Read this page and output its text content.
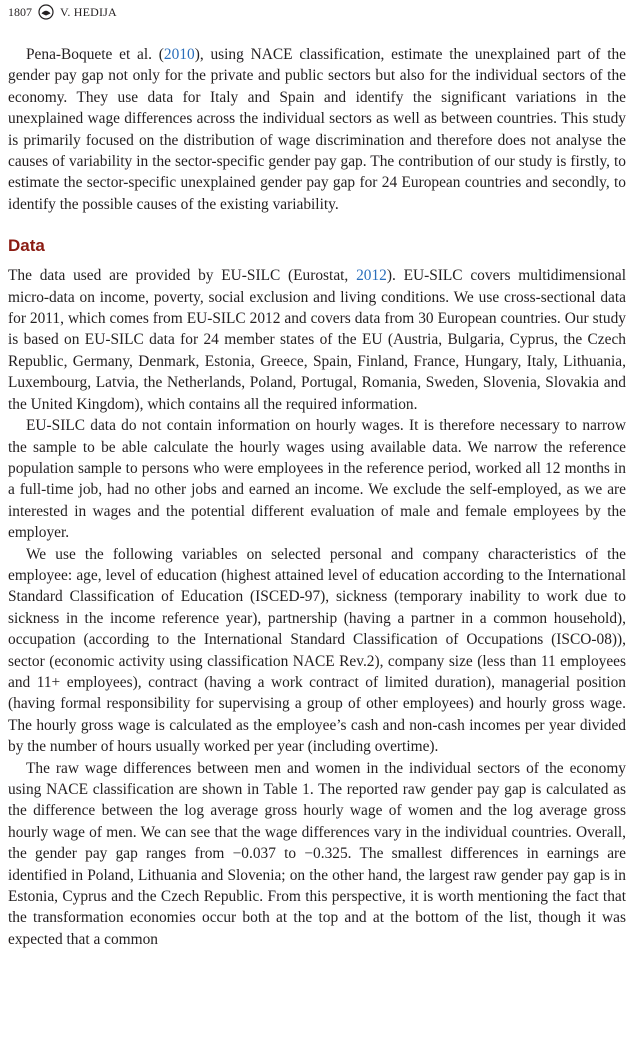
1807 V. HEDIJA

Pena-Boquete et al. (2010), using NACE classification, estimate the unexplained part of the gender pay gap not only for the private and public sectors but also for the individual sectors of the economy. They use data for Italy and Spain and identify the significant variations in the unexplained wage differences across the individual sectors as well as between countries. This study is primarily focused on the distribution of wage discrimination and therefore does not analyse the causes of variability in the sector-specific gender pay gap. The contribution of our study is firstly, to estimate the sector-specific unexplained gender pay gap for 24 European countries and secondly, to identify the possible causes of the existing variability.

Data

The data used are provided by EU-SILC (Eurostat, 2012). EU-SILC covers multidimensional micro-data on income, poverty, social exclusion and living conditions. We use cross-sectional data for 2011, which comes from EU-SILC 2012 and covers data from 30 European countries. Our study is based on EU-SILC data for 24 member states of the EU (Austria, Bulgaria, Cyprus, the Czech Republic, Germany, Denmark, Estonia, Greece, Spain, Finland, France, Hungary, Italy, Lithuania, Luxembourg, Latvia, the Netherlands, Poland, Portugal, Romania, Sweden, Slovenia, Slovakia and the United Kingdom), which contains all the required information.

EU-SILC data do not contain information on hourly wages. It is therefore necessary to narrow the sample to be able calculate the hourly wages using available data. We narrow the reference population sample to persons who were employees in the reference period, worked all 12 months in a full-time job, had no other jobs and earned an income. We exclude the self-employed, as we are interested in wages and the potential different evaluation of male and female employees by the employer.

We use the following variables on selected personal and company characteristics of the employee: age, level of education (highest attained level of education according to the International Standard Classification of Education (ISCED-97), sickness (temporary inability to work due to sickness in the income reference year), partnership (having a partner in a common household), occupation (according to the International Standard Classification of Occupations (ISCO-08)), sector (economic activity using classification NACE Rev.2), company size (less than 11 employees and 11+ employees), contract (having a work contract of limited duration), managerial position (having formal responsibility for supervising a group of other employees) and hourly gross wage. The hourly gross wage is calculated as the employee’s cash and non-cash incomes per year divided by the number of hours usually worked per year (including overtime).

The raw wage differences between men and women in the individual sectors of the economy using NACE classification are shown in Table 1. The reported raw gender pay gap is calculated as the difference between the log average gross hourly wage of women and the log average gross hourly wage of men. We can see that the wage differences vary in the individual countries. Overall, the gender pay gap ranges from −0.037 to −0.325. The smallest differences in earnings are identified in Poland, Lithuania and Slovenia; on the other hand, the largest raw gender pay gap is in Estonia, Cyprus and the Czech Republic. From this perspective, it is worth mentioning the fact that the transformation economies occur both at the top and at the bottom of the list, though it was expected that a common
